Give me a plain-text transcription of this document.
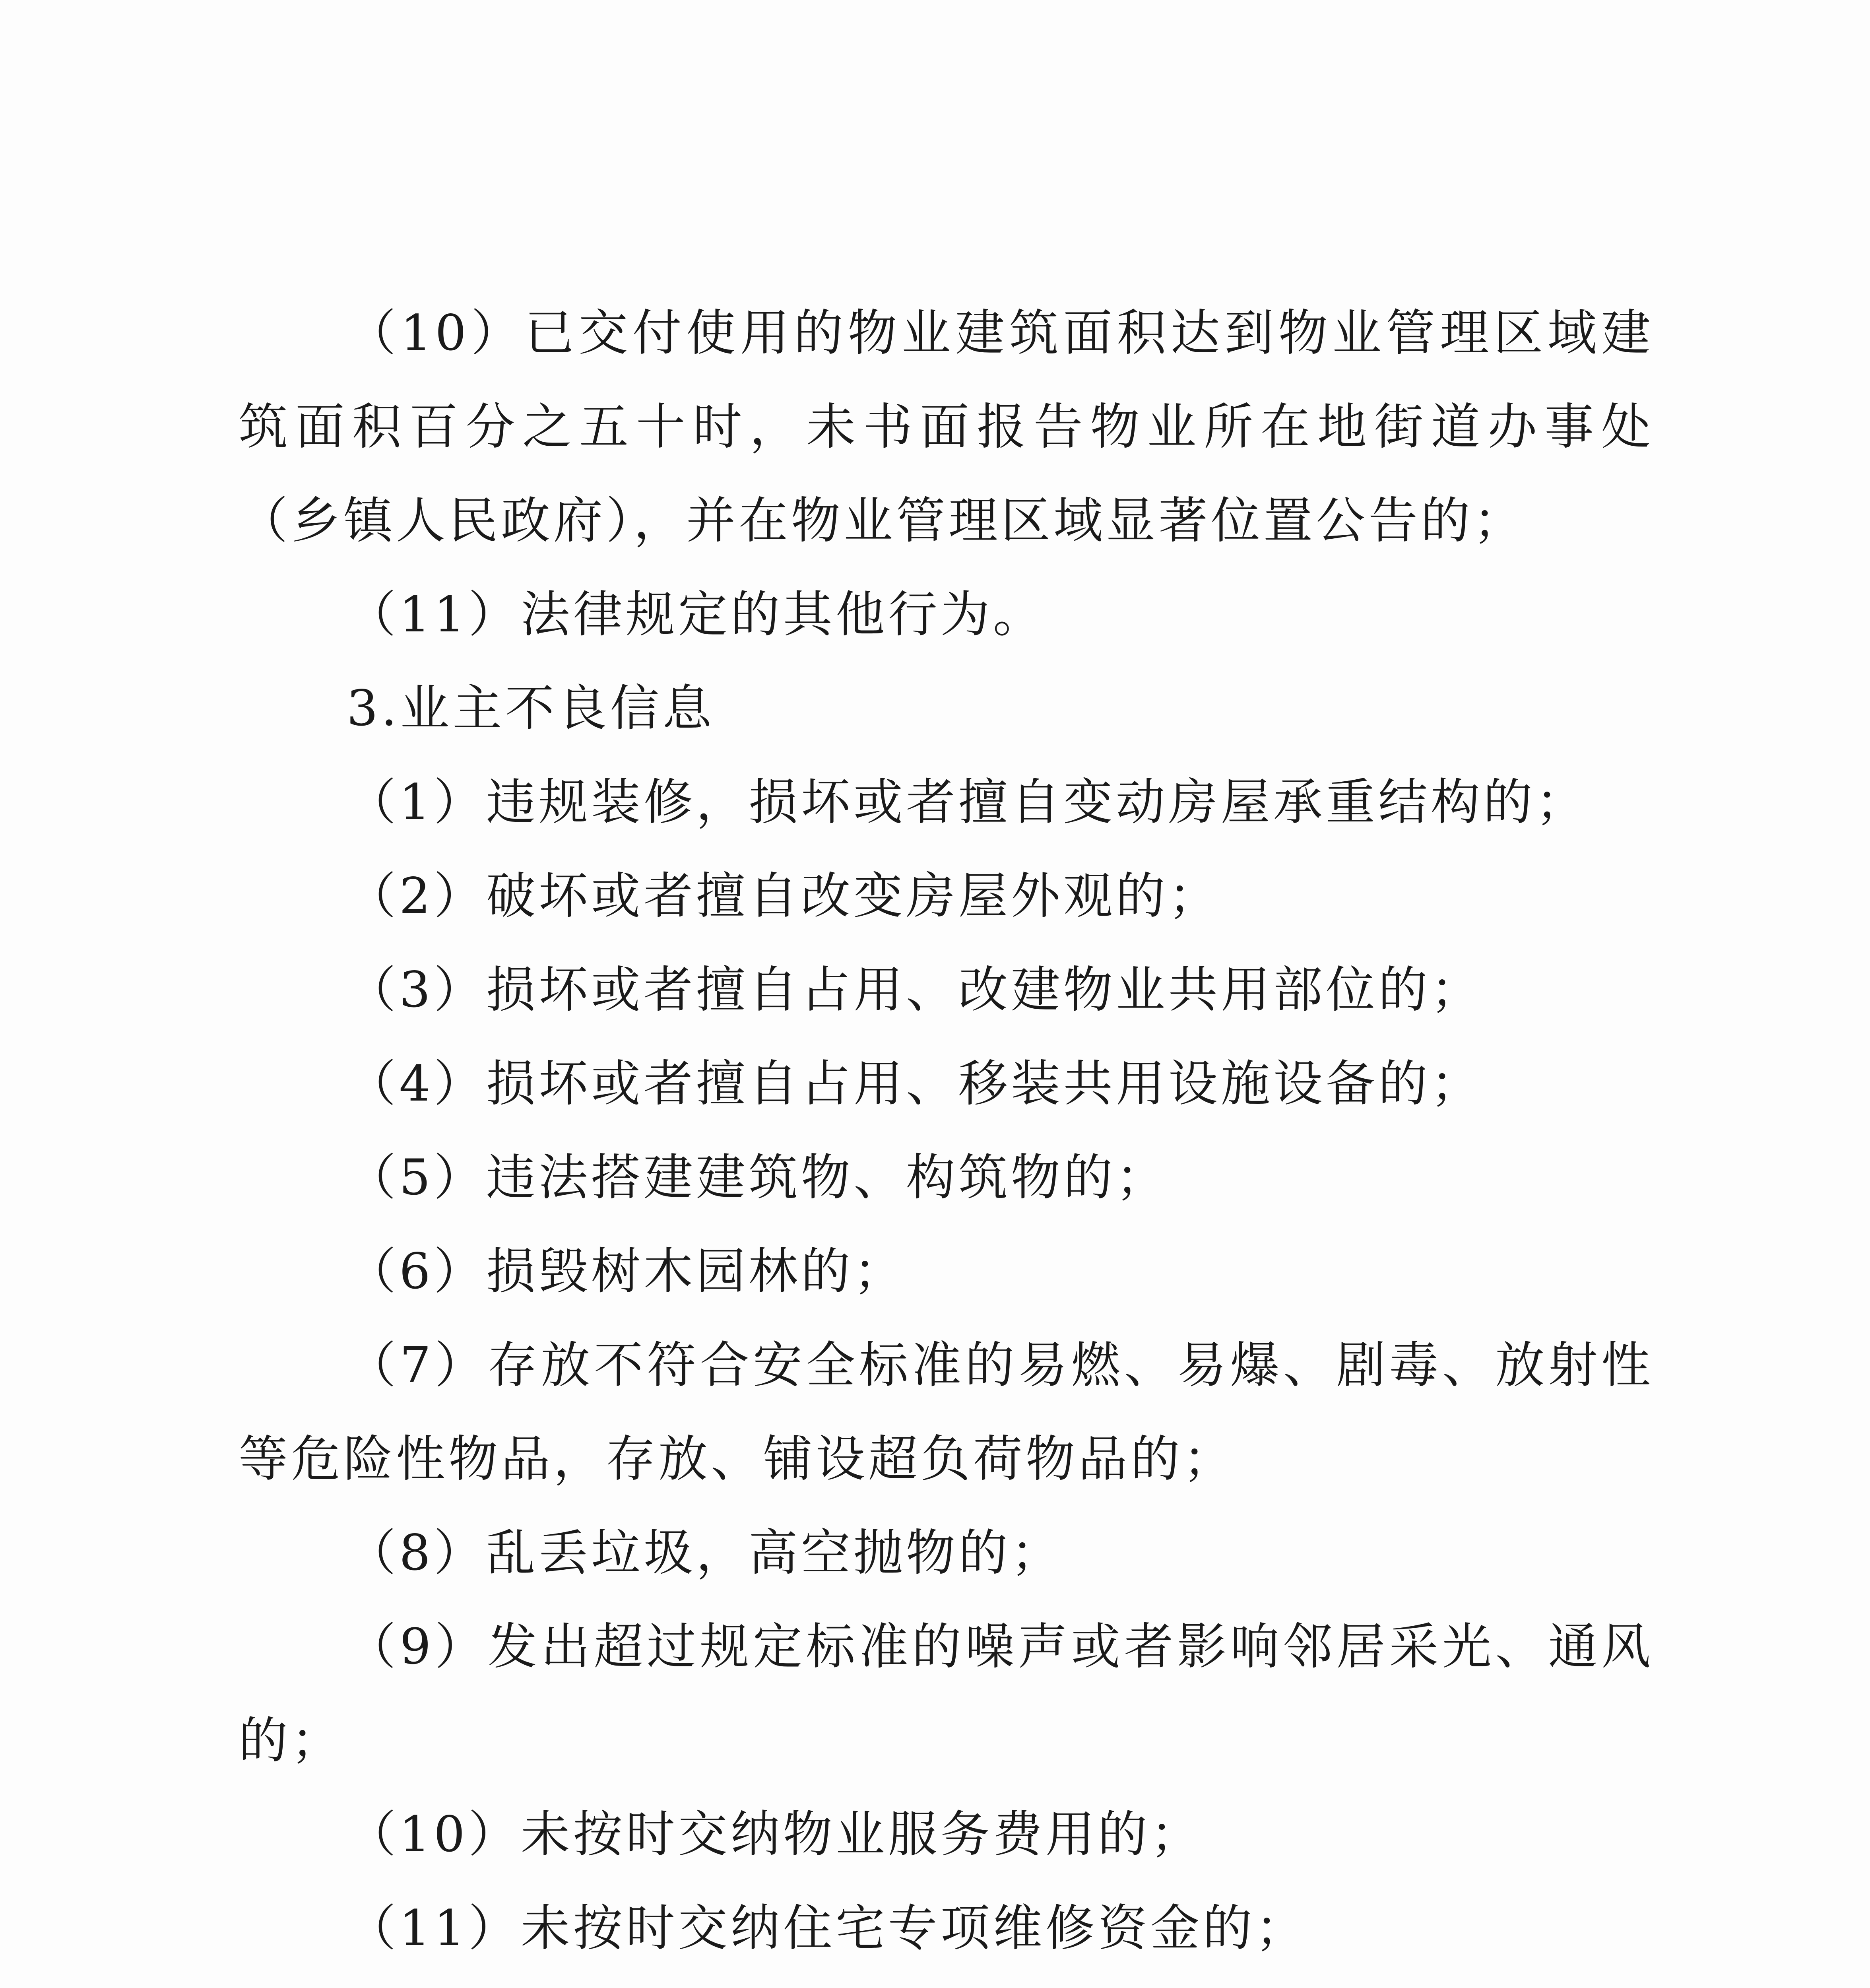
（10）已交付使用的物业建筑面积达到物业管理区域建筑面积百分之五十时，未书面报告物业所在地街道办事处（乡镇人民政府），并在物业管理区域显著位置公告的；

（11）法律规定的其他行为。

3.业主不良信息

（1）违规装修，损坏或者擅自变动房屋承重结构的；

（2）破坏或者擅自改变房屋外观的；

（3）损坏或者擅自占用、改建物业共用部位的；

（4）损坏或者擅自占用、移装共用设施设备的；

（5）违法搭建建筑物、构筑物的；

（6）损毁树木园林的；

（7）存放不符合安全标准的易燃、易爆、剧毒、放射性等危险性物品，存放、铺设超负荷物品的；

（8）乱丢垃圾，高空抛物的；

（9）发出超过规定标准的噪声或者影响邻居采光、通风的；

（10）未按时交纳物业服务费用的；

（11）未按时交纳住宅专项维修资金的；
